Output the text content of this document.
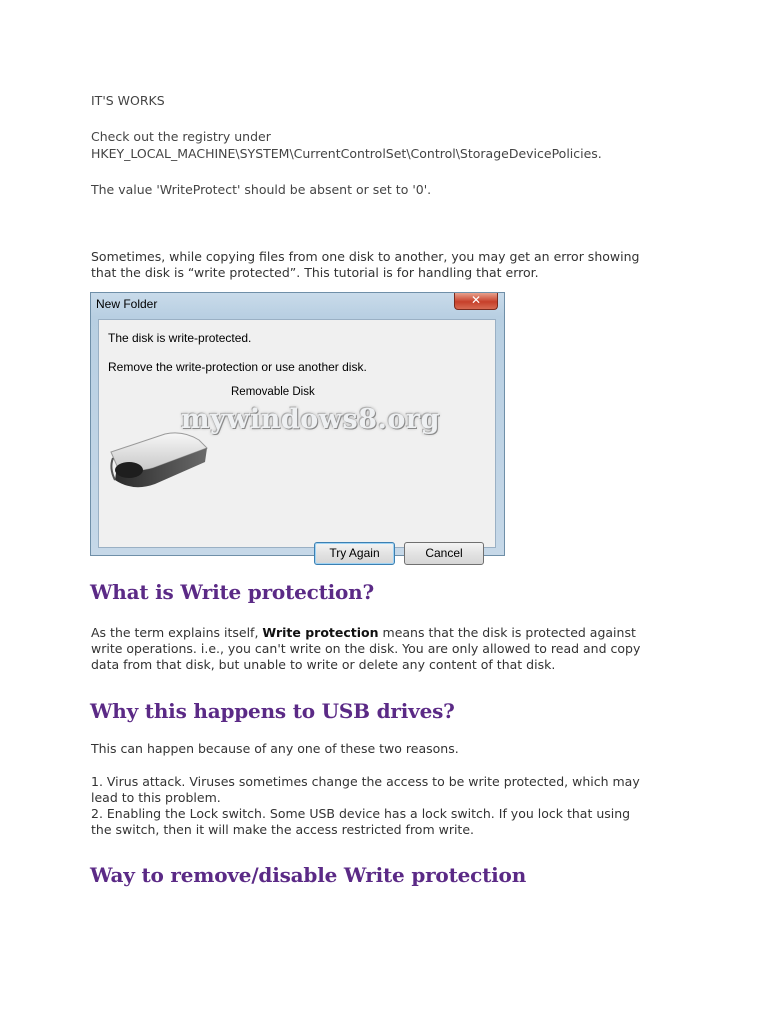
IT'S WORKS
Check out the registry under
HKEY_LOCAL_MACHINE\SYSTEM\CurrentControlSet\Control\StorageDevicePolicies.
The value 'WriteProtect' should be absent or set to '0'.
Sometimes, while copying files from one disk to another, you may get an error showing
that the disk is “write protected”. This tutorial is for handling that error.
New Folder	✕
The disk is write-protected.
Remove the write-protection or use another disk.
Removable Disk
mywindows8.org
Try Again	Cancel
What is Write protection?
As the term explains itself, Write protection means that the disk is protected against
write operations. i.e., you can't write on the disk. You are only allowed to read and copy
data from that disk, but unable to write or delete any content of that disk.
Why this happens to USB drives?
This can happen because of any one of these two reasons.
1. Virus attack. Viruses sometimes change the access to be write protected, which may
lead to this problem.
2. Enabling the Lock switch. Some USB device has a lock switch. If you lock that using
the switch, then it will make the access restricted from write.
Way to remove/disable Write protection
